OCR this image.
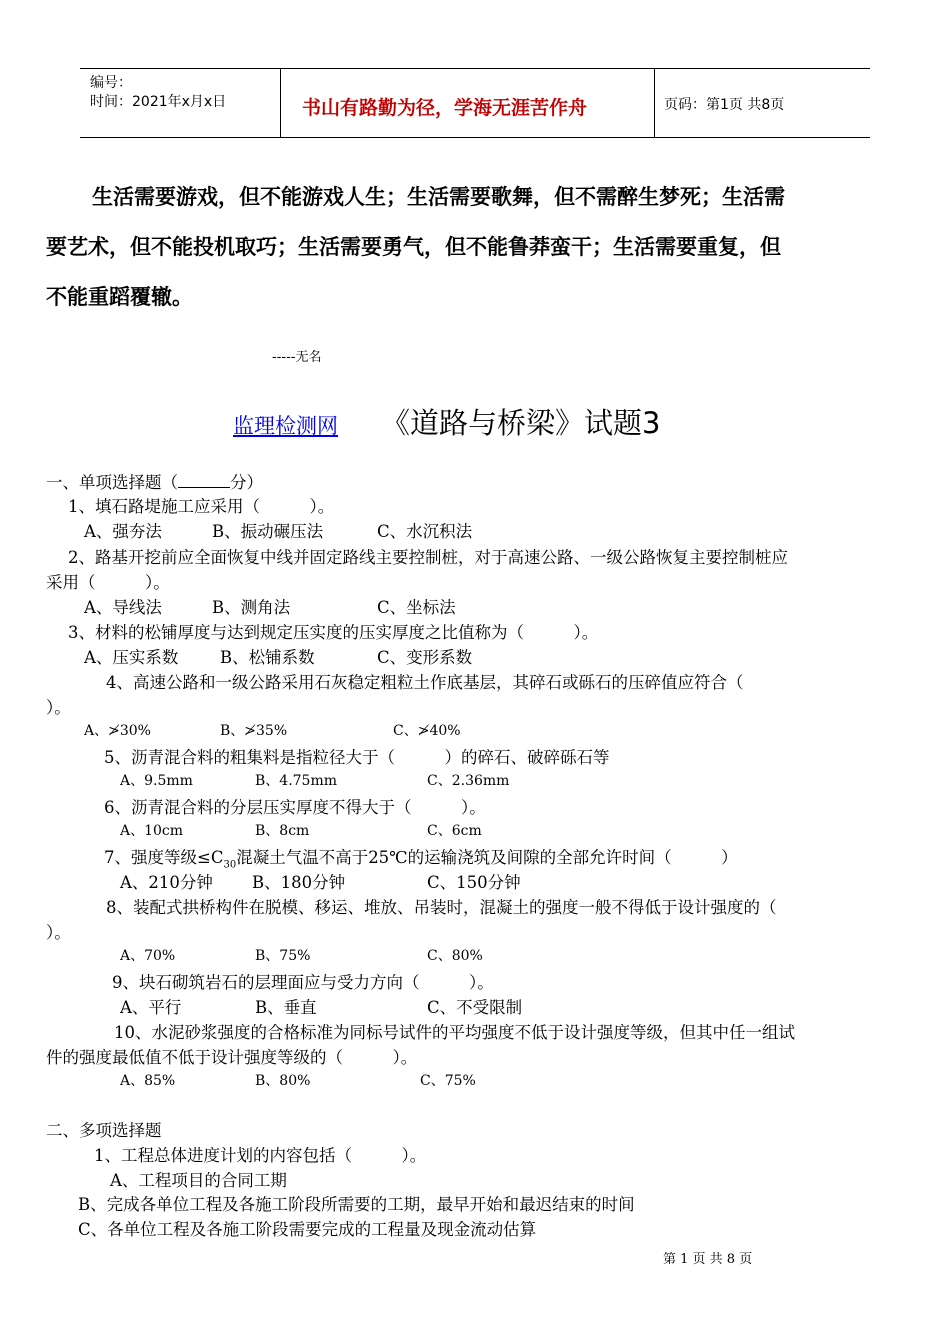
编号：
时间：2021年x月x日	书山有路勤为径，学海无涯苦作舟	页码：第1页 共8页
生活需要游戏，但不能游戏人生；生活需要歌舞，但不需醉生梦死；生活需
要艺术，但不能投机取巧；生活需要勇气，但不能鲁莽蛮干；生活需要重复，但
不能重蹈覆辙。
-----无名
监理检测网 《道路与桥梁》试题3
一、单项选择题（	分）
1、填石路堤施工应采用（　　　）。
A、强夯法	B、振动碾压法	C、水沉积法
2、路基开挖前应全面恢复中线并固定路线主要控制桩，对于高速公路、一级公路恢复主要控制桩应
采用（　　　）。
A、导线法	B、测角法	C、坐标法
3、材料的松铺厚度与达到规定压实度的压实厚度之比值称为（　　　）。
A、压实系数	B、松铺系数	C、变形系数
4、高速公路和一级公路采用石灰稳定粗粒土作底基层，其碎石或砾石的压碎值应符合（
）。
A、≯30%	B、≯35%	C、≯40%
5、沥青混合料的粗集料是指粒径大于（　　　）的碎石、破碎砾石等
A、9.5mm	B、4.75mm	C、2.36mm
6、沥青混合料的分层压实厚度不得大于（　　　）。
A、10cm	B、8cm	C、6cm
7、强度等级$\le C_{30}$混凝土气温不高于25℃的运输浇筑及间隙的全部允许时间（　　　）
A、210分钟 B、180分钟	C、150分钟
8、装配式拱桥构件在脱模、移运、堆放、吊装时，混凝土的强度一般不得低于设计强度的（
）。
A、70%	B、75%	C、80%
9、块石砌筑岩石的层理面应与受力方向（　　　）。
A、平行	B、垂直	C、不受限制
10、水泥砂浆强度的合格标准为同标号试件的平均强度不低于设计强度等级，但其中任一组试
件的强度最低值不低于设计强度等级的（　　　）。
A、85%	B、80%	C、75%
二、多项选择题
1、工程总体进度计划的内容包括（　　　）。
A、工程项目的合同工期
B、完成各单位工程及各施工阶段所需要的工期，最早开始和最迟结束的时间
C、各单位工程及各施工阶段需要完成的工程量及现金流动估算
第 1 页 共 8 页
